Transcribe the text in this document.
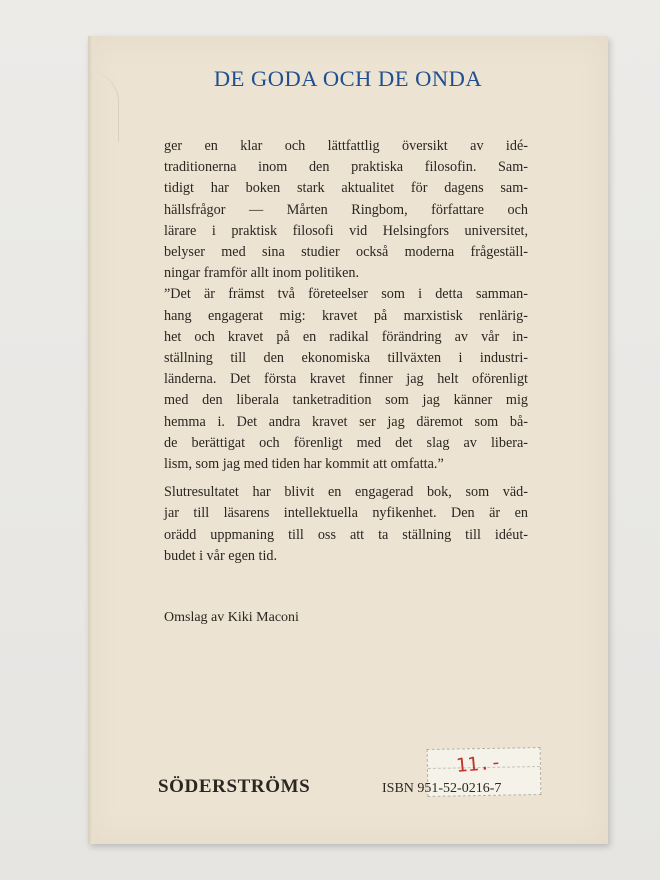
DE GODA OCH DE ONDA

ger en klar och lättfattlig översikt av idé-
traditionerna inom den praktiska filosofin. Sam-
tidigt har boken stark aktualitet för dagens sam-
hällsfrågor — Mårten Ringbom, författare och
lärare i praktisk filosofi vid Helsingfors universitet,
belyser med sina studier också moderna frågeställ-
ningar framför allt inom politiken.

”Det är främst två företeelser som i detta samman-
hang engagerat mig: kravet på marxistisk renlärig-
het och kravet på en radikal förändring av vår in-
ställning till den ekonomiska tillväxten i industri-
länderna. Det första kravet finner jag helt oförenligt
med den liberala tanketradition som jag känner mig
hemma i. Det andra kravet ser jag däremot som bå-
de berättigat och förenligt med det slag av libera-
lism, som jag med tiden har kommit att omfatta.”

Slutresultatet har blivit en engagerad bok, som väd-
jar till läsarens intellektuella nyfikenhet. Den är en
orädd uppmaning till oss att ta ställning till idéut-
budet i vår egen tid.

Omslag av Kiki Maconi
11.-
SÖDERSTRÖMS	ISBN 951-52-0216-7
